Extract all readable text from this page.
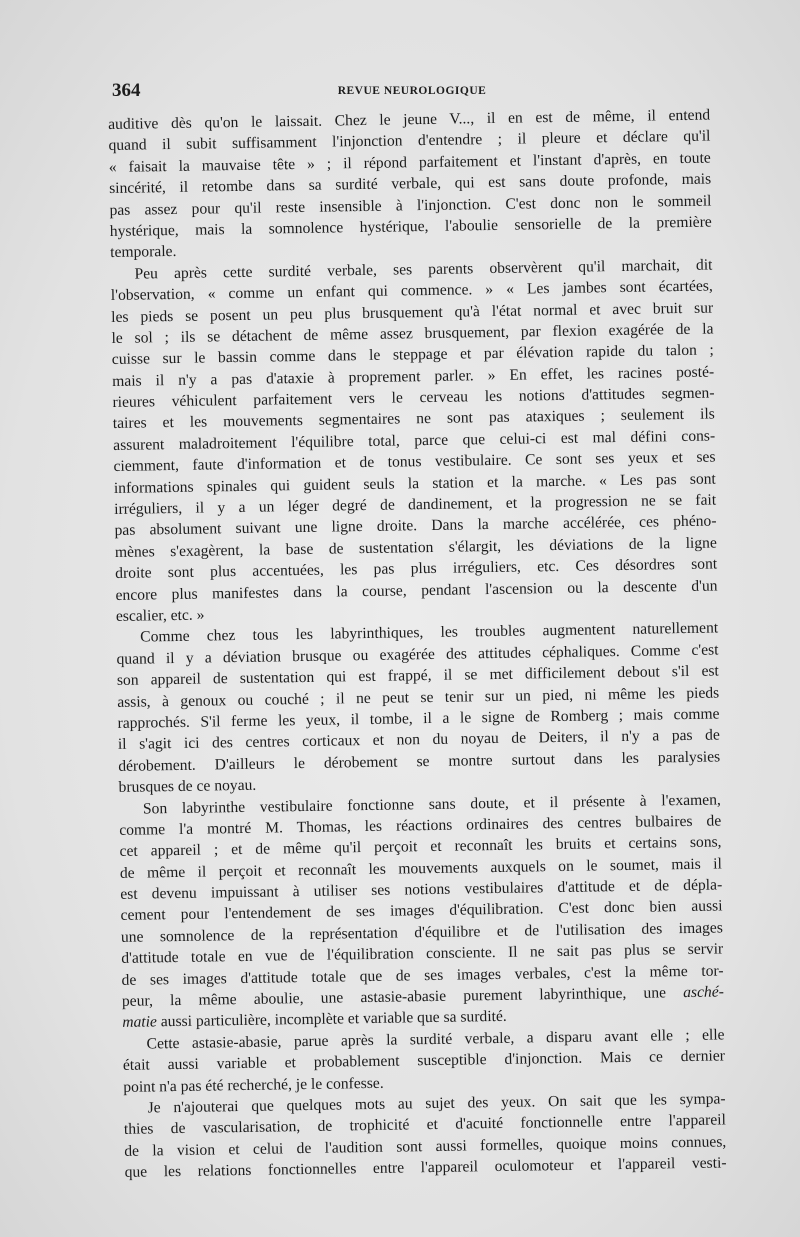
364	REVUE NEUROLOGIQUE
auditive dès qu'on le laissait. Chez le jeune V..., il en est de même, il entend
quand il subit suffisamment l'injonction d'entendre ; il pleure et déclare qu'il
« faisait la mauvaise tête » ; il répond parfaitement et l'instant d'après, en toute
sincérité, il retombe dans sa surdité verbale, qui est sans doute profonde, mais
pas assez pour qu'il reste insensible à l'injonction. C'est donc non le sommeil
hystérique, mais la somnolence hystérique, l'aboulie sensorielle de la première
temporale.
Peu après cette surdité verbale, ses parents observèrent qu'il marchait, dit
l'observation, « comme un enfant qui commence. » « Les jambes sont écartées,
les pieds se posent un peu plus brusquement qu'à l'état normal et avec bruit sur
le sol ; ils se détachent de même assez brusquement, par flexion exagérée de la
cuisse sur le bassin comme dans le steppage et par élévation rapide du talon ;
mais il n'y a pas d'ataxie à proprement parler. » En effet, les racines posté-
rieures véhiculent parfaitement vers le cerveau les notions d'attitudes segmen-
taires et les mouvements segmentaires ne sont pas ataxiques ; seulement ils
assurent maladroitement l'équilibre total, parce que celui-ci est mal défini cons-
ciemment, faute d'information et de tonus vestibulaire. Ce sont ses yeux et ses
informations spinales qui guident seuls la station et la marche. « Les pas sont
irréguliers, il y a un léger degré de dandinement, et la progression ne se fait
pas absolument suivant une ligne droite. Dans la marche accélérée, ces phéno-
mènes s'exagèrent, la base de sustentation s'élargit, les déviations de la ligne
droite sont plus accentuées, les pas plus irréguliers, etc. Ces désordres sont
encore plus manifestes dans la course, pendant l'ascension ou la descente d'un
escalier, etc. »
Comme chez tous les labyrinthiques, les troubles augmentent naturellement
quand il y a déviation brusque ou exagérée des attitudes céphaliques. Comme c'est
son appareil de sustentation qui est frappé, il se met difficilement debout s'il est
assis, à genoux ou couché ; il ne peut se tenir sur un pied, ni même les pieds
rapprochés. S'il ferme les yeux, il tombe, il a le signe de Romberg ; mais comme
il s'agit ici des centres corticaux et non du noyau de Deiters, il n'y a pas de
dérobement. D'ailleurs le dérobement se montre surtout dans les paralysies
brusques de ce noyau.
Son labyrinthe vestibulaire fonctionne sans doute, et il présente à l'examen,
comme l'a montré M. Thomas, les réactions ordinaires des centres bulbaires de
cet appareil ; et de même qu'il perçoit et reconnaît les bruits et certains sons,
de même il perçoit et reconnaît les mouvements auxquels on le soumet, mais il
est devenu impuissant à utiliser ses notions vestibulaires d'attitude et de dépla-
cement pour l'entendement de ses images d'équilibration. C'est donc bien aussi
une somnolence de la représentation d'équilibre et de l'utilisation des images
d'attitude totale en vue de l'équilibration consciente. Il ne sait pas plus se servir
de ses images d'attitude totale que de ses images verbales, c'est la même tor-
peur, la même aboulie, une astasie-abasie purement labyrinthique, une asché-
matie aussi particulière, incomplète et variable que sa surdité.
Cette astasie-abasie, parue après la surdité verbale, a disparu avant elle ; elle
était aussi variable et probablement susceptible d'injonction. Mais ce dernier
point n'a pas été recherché, je le confesse.
Je n'ajouterai que quelques mots au sujet des yeux. On sait que les sympa-
thies de vascularisation, de trophicité et d'acuité fonctionnelle entre l'appareil
de la vision et celui de l'audition sont aussi formelles, quoique moins connues,
que les relations fonctionnelles entre l'appareil oculomoteur et l'appareil vesti-
